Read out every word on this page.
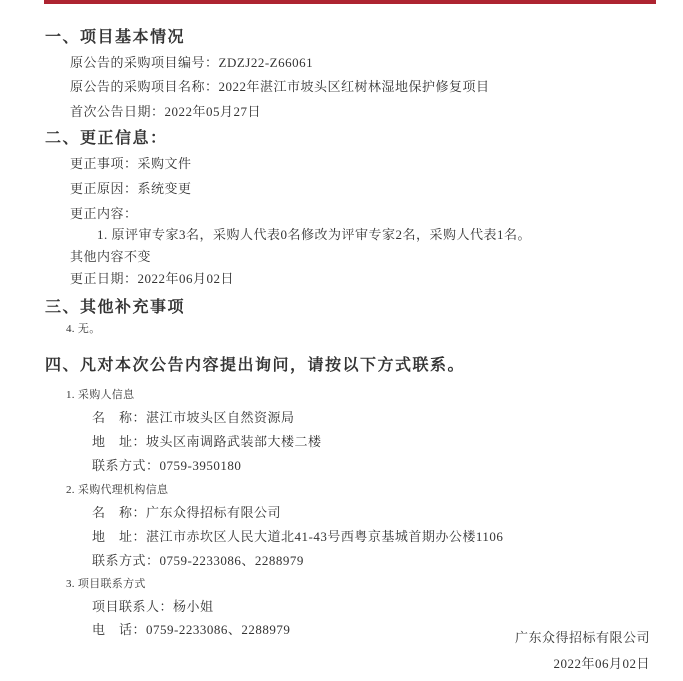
一、项目基本情况

原公告的采购项目编号：ZDZJ22-Z66061

原公告的采购项目名称：2022年湛江市坡头区红树林湿地保护修复项目

首次公告日期：2022年05月27日

二、更正信息：

更正事项：采购文件

更正原因：系统变更

更正内容：

1. 原评审专家3名，采购人代表0名修改为评审专家2名，采购人代表1名。

其他内容不变

更正日期：2022年06月02日

三、其他补充事项

4. 无。

四、凡对本次公告内容提出询问，请按以下方式联系。

1. 采购人信息

名　称：湛江市坡头区自然资源局

地　址：坡头区南调路武装部大楼二楼

联系方式：0759-3950180

2. 采购代理机构信息

名　称：广东众得招标有限公司

地　址：湛江市赤坎区人民大道北41-43号西粤京基城首期办公楼1106

联系方式：0759-2233086、2288979

3. 项目联系方式

项目联系人：杨小姐

电　话：0759-2233086、2288979

广东众得招标有限公司

2022年06月02日
